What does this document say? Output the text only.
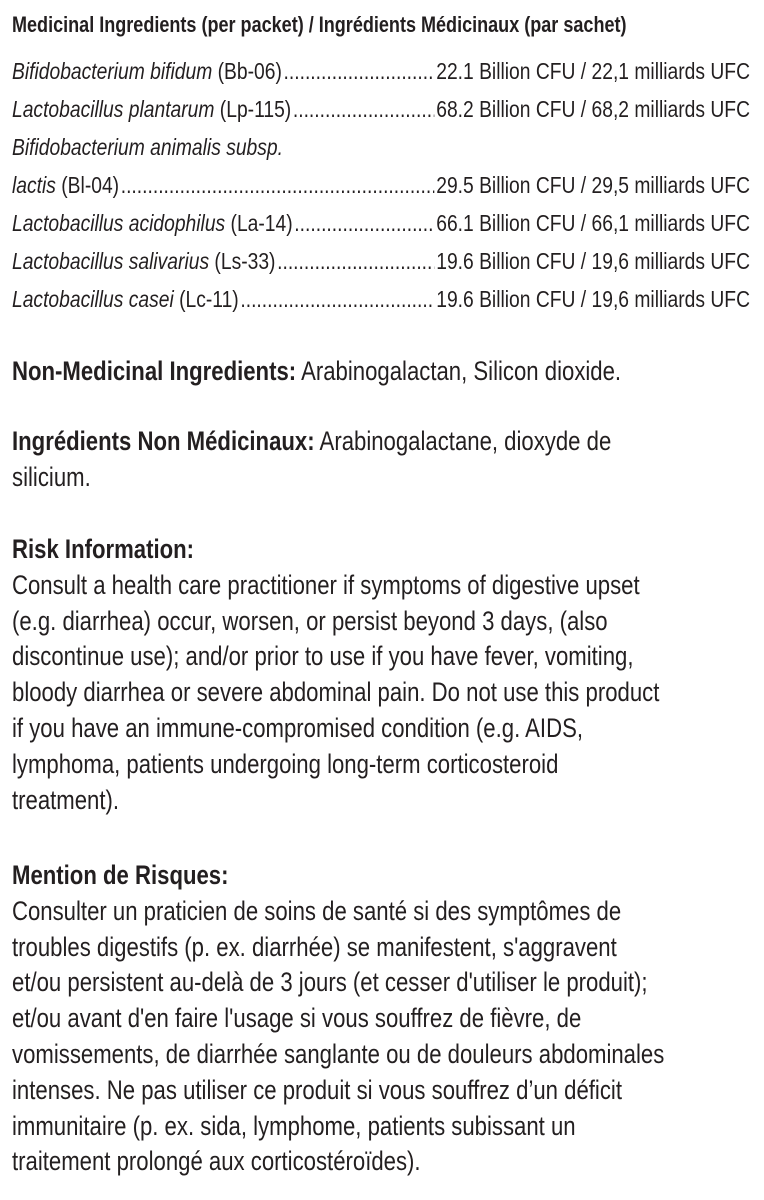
Medicinal Ingredients (per packet) / Ingrédients Médicinaux (par sachet)
Bifidobacterium bifidum (Bb-06) .....	22.1 Billion CFU / 22,1 milliards UFC
Lactobacillus plantarum (Lp-115) .....	68.2 Billion CFU / 68,2 milliards UFC
Bifidobacterium animalis subsp.
lactis (Bl-04) .....	29.5 Billion CFU / 29,5 milliards UFC
Lactobacillus acidophilus (La-14) .....	66.1 Billion CFU / 66,1 milliards UFC
Lactobacillus salivarius (Ls-33) .....	19.6 Billion CFU / 19,6 milliards UFC
Lactobacillus casei (Lc-11) .....	19.6 Billion CFU / 19,6 milliards UFC
Non-Medicinal Ingredients: Arabinogalactan, Silicon dioxide.
Ingrédients Non Médicinaux: Arabinogalactane, dioxyde de
silicium.
Risk Information:
Consult a health care practitioner if symptoms of digestive upset
(e.g. diarrhea) occur, worsen, or persist beyond 3 days, (also
discontinue use); and/or prior to use if you have fever, vomiting,
bloody diarrhea or severe abdominal pain. Do not use this product
if you have an immune-compromised condition (e.g. AIDS,
lymphoma, patients undergoing long-term corticosteroid
treatment).
Mention de Risques:
Consulter un praticien de soins de santé si des symptômes de
troubles digestifs (p. ex. diarrhée) se manifestent, s'aggravent
et/ou persistent au-delà de 3 jours (et cesser d'utiliser le produit);
et/ou avant d'en faire l'usage si vous souffrez de fièvre, de
vomissements, de diarrhée sanglante ou de douleurs abdominales
intenses. Ne pas utiliser ce produit si vous souffrez d’un déficit
immunitaire (p. ex. sida, lymphome, patients subissant un
traitement prolongé aux corticostéroïdes).
